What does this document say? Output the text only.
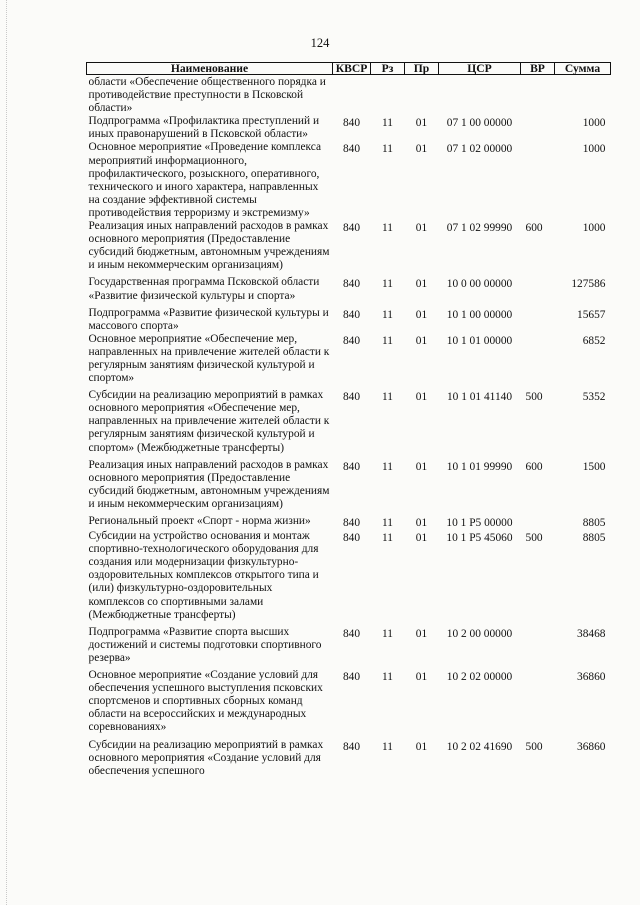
124
Наименование	КВСР	Рз	Пр	ЦСР	ВР	Сумма
области «Обеспечение общественного порядка и противодействие преступности в Псковской области»						
Подпрограмма «Профилактика преступлений и иных правонарушений в Псковской области»	840	11	01	07 1 00 00000		1000
Основное мероприятие «Проведение комплекса мероприятий информационного, профилактического, розыскного, оперативного, технического и иного характера, направленных на создание эффективной системы противодействия терроризму и экстремизму»	840	11	01	07 1 02 00000		1000
Реализация иных направлений расходов в рамках основного мероприятия (Предоставление субсидий бюджетным, автономным учреждениям и иным некоммерческим организациям)	840	11	01	07 1 02 99990	600	1000
Государственная программа Псковской области «Развитие физической культуры и спорта»	840	11	01	10 0 00 00000		127586
Подпрограмма «Развитие физической культуры и массового спорта»	840	11	01	10 1 00 00000		15657
Основное мероприятие «Обеспечение мер, направленных на привлечение жителей области к регулярным занятиям физической культурой и спортом»	840	11	01	10 1 01 00000		6852
Субсидии на реализацию мероприятий в рамках основного мероприятия «Обеспечение мер, направленных на привлечение жителей области к регулярным занятиям физической культурой и спортом» (Межбюджетные трансферты)	840	11	01	10 1 01 41140	500	5352
Реализация иных направлений расходов в рамках основного мероприятия (Предоставление субсидий бюджетным, автономным учреждениям и иным некоммерческим организациям)	840	11	01	10 1 01 99990	600	1500
Региональный проект «Спорт - норма жизни»	840	11	01	10 1 Р5 00000		8805
Субсидии на устройство основания и монтаж спортивно-технологического оборудования для создания или модернизации физкультурно-оздоровительных комплексов открытого типа и (или) физкультурно-оздоровительных комплексов со спортивными залами (Межбюджетные трансферты)	840	11	01	10 1 Р5 45060	500	8805
Подпрограмма «Развитие спорта высших достижений и системы подготовки спортивного резерва»	840	11	01	10 2 00 00000		38468
Основное мероприятие «Создание условий для обеспечения успешного выступления псковских спортсменов и спортивных сборных команд области на всероссийских и международных соревнованиях»	840	11	01	10 2 02 00000		36860
Субсидии на реализацию мероприятий в рамках основного мероприятия «Создание условий для обеспечения успешного	840	11	01	10 2 02 41690	500	36860
